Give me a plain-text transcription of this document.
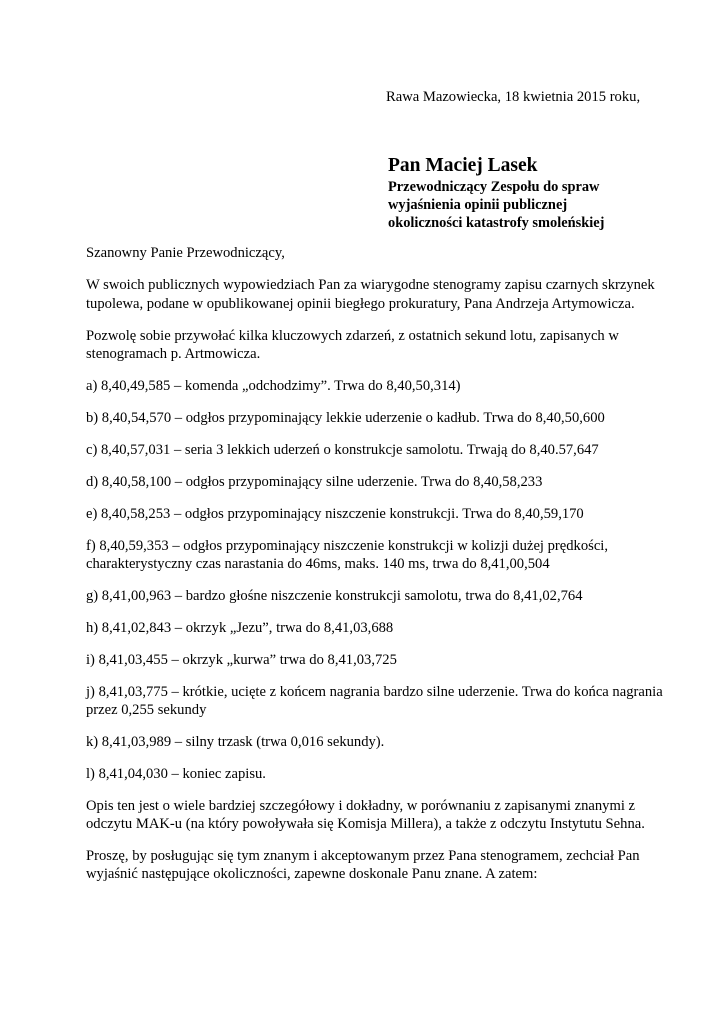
Rawa Mazowiecka, 18 kwietnia 2015 roku,

Pan Maciej Lasek

Przewodniczący Zespołu do spraw

wyjaśnienia opinii publicznej

okoliczności katastrofy smoleńskiej

Szanowny Panie Przewodniczący,

W swoich publicznych wypowiedziach Pan za wiarygodne stenogramy zapisu czarnych skrzynek tupolewa, podane w opublikowanej opinii biegłego prokuratury, Pana Andrzeja Artymowicza.

Pozwolę sobie przywołać kilka kluczowych zdarzeń, z ostatnich sekund lotu, zapisanych w stenogramach p. Artmowicza.

a) 8,40,49,585 – komenda „odchodzimy”. Trwa do 8,40,50,314)

b) 8,40,54,570 – odgłos przypominający lekkie uderzenie o kadłub. Trwa do 8,40,50,600

c) 8,40,57,031 – seria 3 lekkich uderzeń o konstrukcje samolotu. Trwają do 8,40.57,647

d) 8,40,58,100 – odgłos przypominający silne uderzenie. Trwa do 8,40,58,233

e) 8,40,58,253 – odgłos przypominający niszczenie konstrukcji. Trwa do 8,40,59,170

f) 8,40,59,353 – odgłos przypominający niszczenie konstrukcji w kolizji dużej prędkości, charakterystyczny czas narastania do 46ms, maks. 140 ms, trwa do 8,41,00,504

g) 8,41,00,963 – bardzo głośne niszczenie konstrukcji samolotu, trwa do 8,41,02,764

h) 8,41,02,843 – okrzyk „Jezu”, trwa do 8,41,03,688

i) 8,41,03,455 – okrzyk „kurwa” trwa do 8,41,03,725

j) 8,41,03,775 – krótkie, ucięte z końcem nagrania bardzo silne uderzenie. Trwa do końca nagrania przez 0,255 sekundy

k) 8,41,03,989 – silny trzask (trwa 0,016 sekundy).

l) 8,41,04,030 – koniec zapisu.

Opis ten jest o wiele bardziej szczegółowy i dokładny, w porównaniu z zapisanymi znanymi z odczytu MAK-u (na który powoływała się Komisja Millera), a także z odczytu Instytutu Sehna.

Proszę, by posługując się tym znanym i akceptowanym przez Pana stenogramem, zechciał Pan wyjaśnić następujące okoliczności, zapewne doskonale Panu znane. A zatem:
